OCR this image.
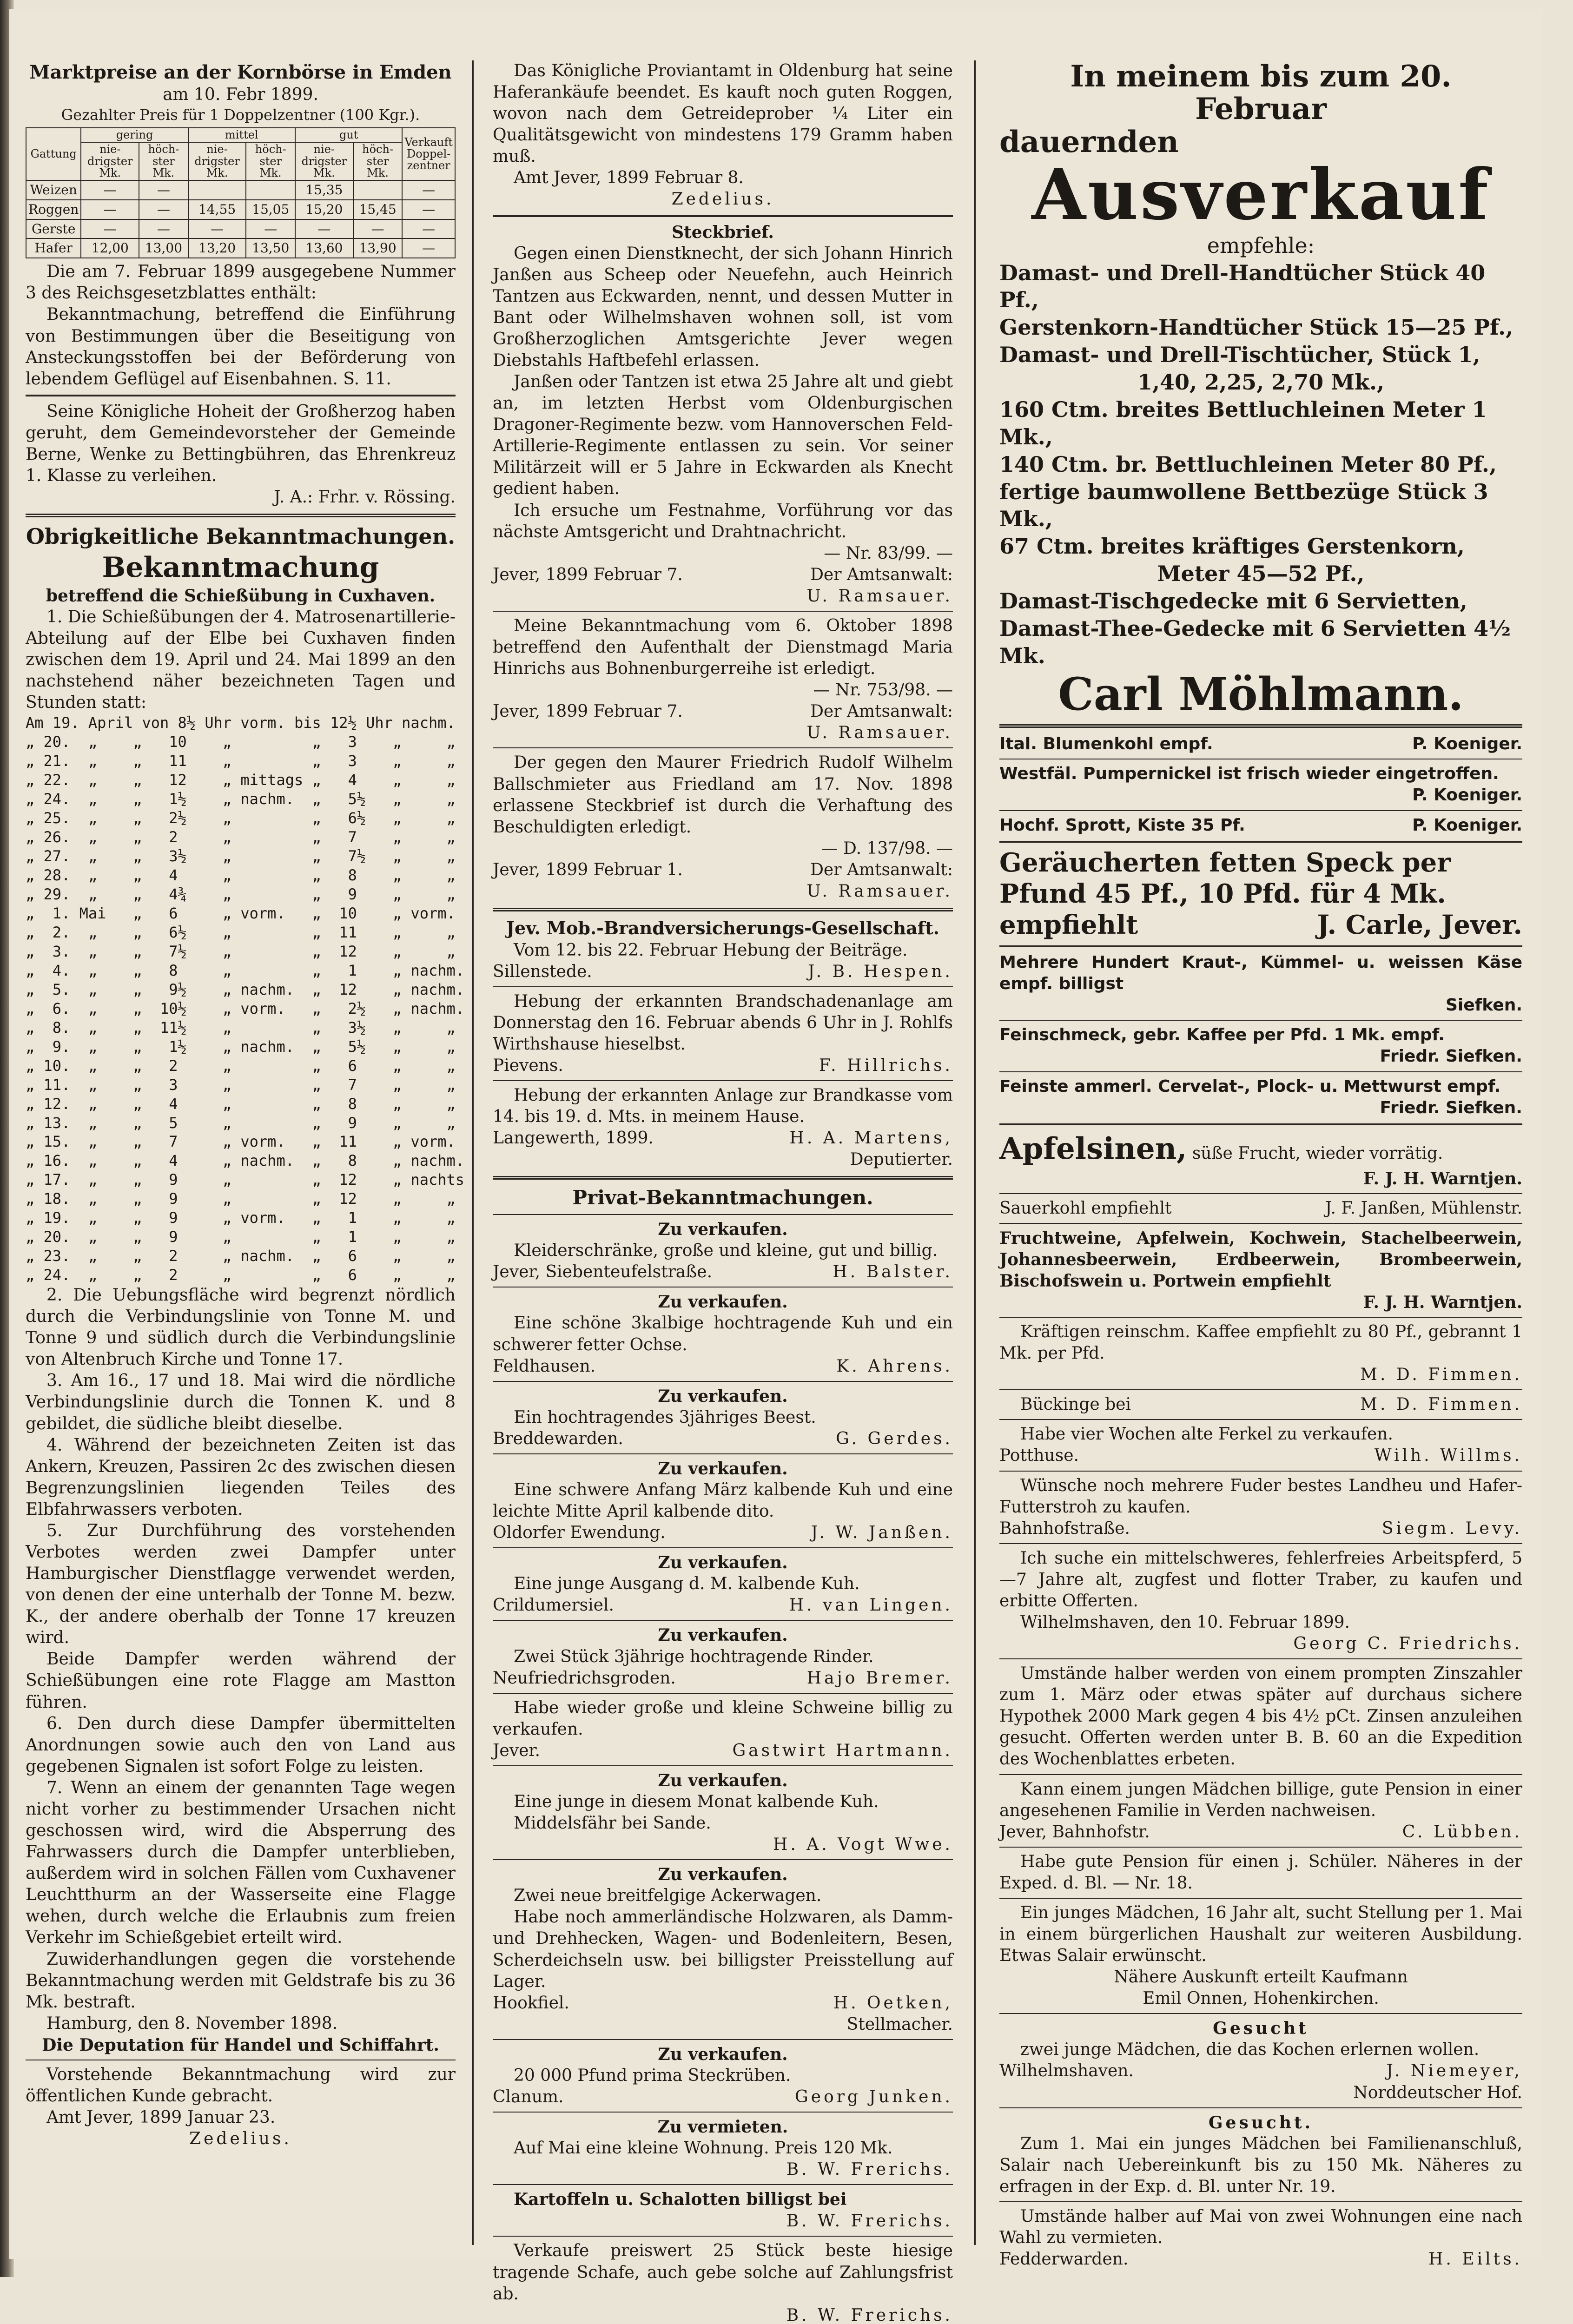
Marktpreise an der Kornbörse in Emden

am 10. Febr 1899.

Gezahlter Preis für 1 Doppelzentner (100 Kgr.).

Gattung	gering		mittel		gut		Verkauft Doppel-zentner
	nie-drigster Mk.	höch-ster Mk.	nie-drigster Mk.	höch-ster Mk.	nie-drigster Mk.	höch-ster Mk.	
Weizen	—	—			15,35		—
Roggen	—	—	14,55	15,05	15,20	15,45	—
Gerste	—	—	—	—	—	—	—
Hafer	12,00	13,00	13,20	13,50	13,60	13,90	—

Die am 7. Februar 1899 ausgegebene Nummer 3 des Reichsgesetzblattes enthält:

Bekanntmachung, betreffend die Einführung von Bestimmungen über die Beseitigung von Ansteckungsstoffen bei der Beförderung von lebendem Geflügel auf Eisenbahnen. S. 11.

Seine Königliche Hoheit der Großherzog haben geruht, dem Gemeindevorsteher der Gemeinde Berne, Wenke zu Bettingbühren, das Ehrenkreuz 1. Klasse zu verleihen.

J. A.: Frhr. v. Rössing.

Obrigkeitliche Bekanntmachungen.

Bekanntmachung

betreffend die Schießübung in Cuxhaven.

1. Die Schießübungen der 4. Matrosenartillerie-Abteilung auf der Elbe bei Cuxhaven finden zwischen dem 19. April und 24. Mai 1899 an den nachstehend näher bezeichneten Tagen und Stunden statt:

Am 19. April von 8½ Uhr vorm. bis 12½ Uhr nachm.

„ 20.  „    „   10    „         „   3    „     „

„ 21.  „    „   11    „         „   3    „     „

„ 22.  „    „   12    „ mittags „   4    „     „

„ 24.  „    „   1½    „ nachm.  „   5½   „     „

„ 25.  „    „   2½    „         „   6½   „     „

„ 26.  „    „   2     „         „   7    „     „

„ 27.  „    „   3½    „         „   7½   „     „

„ 28.  „    „   4     „         „   8    „     „

„ 29.  „    „   4¾    „         „   9    „     „

„  1. Mai   „   6     „ vorm.   „  10    „ vorm.

„  2.  „    „   6½    „         „  11    „     „

„  3.  „    „   7½    „         „  12    „     „

„  4.  „    „   8     „         „   1    „ nachm.

„  5.  „    „   9½    „ nachm.  „  12    „ nachm.

„  6.  „    „  10½    „ vorm.   „   2½   „ nachm.

„  8.  „    „  11½    „         „   3½   „     „

„  9.  „    „   1½    „ nachm.  „   5½   „     „

„ 10.  „    „   2     „         „   6    „     „

„ 11.  „    „   3     „         „   7    „     „

„ 12.  „    „   4     „         „   8    „     „

„ 13.  „    „   5     „         „   9    „     „

„ 15.  „    „   7     „ vorm.   „  11    „ vorm.

„ 16.  „    „   4     „ nachm.  „   8    „ nachm.

„ 17.  „    „   9     „         „  12    „ nachts

„ 18.  „    „   9     „         „  12    „     „

„ 19.  „    „   9     „ vorm.   „   1    „     „

„ 20.  „    „   9     „         „   1    „     „

„ 23.  „    „   2     „ nachm.  „   6    „     „

„ 24.  „    „   2     „         „   6    „     „

2. Die Uebungsfläche wird begrenzt nördlich durch die Verbindungslinie von Tonne M. und Tonne 9 und südlich durch die Verbindungslinie von Altenbruch Kirche und Tonne 17.

3. Am 16., 17 und 18. Mai wird die nördliche Verbindungslinie durch die Tonnen K. und 8 gebildet, die südliche bleibt dieselbe.

4. Während der bezeichneten Zeiten ist das Ankern, Kreuzen, Passiren 2c des zwischen diesen Begrenzungslinien liegenden Teiles des Elbfahrwassers verboten.

5. Zur Durchführung des vorstehenden Verbotes werden zwei Dampfer unter Hamburgischer Dienstflagge verwendet werden, von denen der eine unterhalb der Tonne M. bezw. K., der andere oberhalb der Tonne 17 kreuzen wird.

Beide Dampfer werden während der Schießübungen eine rote Flagge am Mastton führen.

6. Den durch diese Dampfer übermittelten Anordnungen sowie auch den von Land aus gegebenen Signalen ist sofort Folge zu leisten.

7. Wenn an einem der genannten Tage wegen nicht vorher zu bestimmender Ursachen nicht geschossen wird, wird die Absperrung des Fahrwassers durch die Dampfer unterblieben, außerdem wird in solchen Fällen vom Cuxhavener Leuchtthurm an der Wasserseite eine Flagge wehen, durch welche die Erlaubnis zum freien Verkehr im Schießgebiet erteilt wird.

Zuwiderhandlungen gegen die vorstehende Bekanntmachung werden mit Geldstrafe bis zu 36 Mk. bestraft.

Hamburg, den 8. November 1898.

Die Deputation für Handel und Schiffahrt.

Vorstehende Bekanntmachung wird zur öffentlichen Kunde gebracht.

Amt Jever, 1899 Januar 23.

Zedelius.

Das Königliche Proviantamt in Oldenburg hat seine Haferankäufe beendet. Es kauft noch guten Roggen, wovon nach dem Getreideprober ¼ Liter ein Qualitätsgewicht von mindestens 179 Gramm haben muß.

Amt Jever, 1899 Februar 8.

Zedelius.

Steckbrief.

Gegen einen Dienstknecht, der sich Johann Hinrich Janßen aus Scheep oder Neuefehn, auch Heinrich Tantzen aus Eckwarden, nennt, und dessen Mutter in Bant oder Wilhelmshaven wohnen soll, ist vom Großherzoglichen Amtsgerichte Jever wegen Diebstahls Haftbefehl erlassen.

Janßen oder Tantzen ist etwa 25 Jahre alt und giebt an, im letzten Herbst vom Oldenburgischen Dragoner-Regimente bezw. vom Hannoverschen Feld-Artillerie-Regimente entlassen zu sein. Vor seiner Militärzeit will er 5 Jahre in Eckwarden als Knecht gedient haben.

Ich ersuche um Festnahme, Vorführung vor das nächste Amtsgericht und Drahtnachricht.

— Nr. 83/99. —

Jever, 1899 Februar 7.	Der Amtsanwalt:

U. Ramsauer.

Meine Bekanntmachung vom 6. Oktober 1898 betreffend den Aufenthalt der Dienstmagd Maria Hinrichs aus Bohnenburgerreihe ist erledigt.

— Nr. 753/98. —

Jever, 1899 Februar 7.	Der Amtsanwalt:

U. Ramsauer.

Der gegen den Maurer Friedrich Rudolf Wilhelm Ballschmieter aus Friedland am 17. Nov. 1898 erlassene Steckbrief ist durch die Verhaftung des Beschuldigten erledigt.

— D. 137/98. —

Jever, 1899 Februar 1.	Der Amtsanwalt:

U. Ramsauer.

Jev. Mob.-Brandversicherungs-Gesellschaft.

Vom 12. bis 22. Februar Hebung der Beiträge.

Sillenstede.	J. B. Hespen.

Hebung der erkannten Brandschadenanlage am Donnerstag den 16. Februar abends 6 Uhr in J. Rohlfs Wirthshause hieselbst.

Pievens.	F. Hillrichs.

Hebung der erkannten Anlage zur Brandkasse vom 14. bis 19. d. Mts. in meinem Hause.

Langewerth, 1899.	H. A. Martens,

Deputierter.

Privat-Bekanntmachungen.

Zu verkaufen.

Kleiderschränke, große und kleine, gut und billig.

Jever, Siebenteufelstraße.	H. Balster.

Zu verkaufen.

Eine schöne 3kalbige hochtragende Kuh und ein schwerer fetter Ochse.

Feldhausen.	K. Ahrens.

Zu verkaufen.

Ein hochtragendes 3jähriges Beest.

Breddewarden.	G. Gerdes.

Zu verkaufen.

Eine schwere Anfang März kalbende Kuh und eine leichte Mitte April kalbende dito.

Oldorfer Ewendung.	J. W. Janßen.

Zu verkaufen.

Eine junge Ausgang d. M. kalbende Kuh.

Crildumersiel.	H. van Lingen.

Zu verkaufen.

Zwei Stück 3jährige hochtragende Rinder.

Neufriedrichsgroden.	Hajo Bremer.

Habe wieder große und kleine Schweine billig zu verkaufen.

Jever.	Gastwirt Hartmann.

Zu verkaufen.

Eine junge in diesem Monat kalbende Kuh.

Middelsfähr bei Sande.

H. A. Vogt Wwe.

Zu verkaufen.

Zwei neue breitfelgige Ackerwagen.

Habe noch ammerländische Holzwaren, als Damm- und Drehhecken, Wagen- und Bodenleitern, Besen, Scherdeichseln usw. bei billigster Preisstellung auf Lager.

Hookfiel.	H. Oetken,

Stellmacher.

Zu verkaufen.

20 000 Pfund prima Steckrüben.

Clanum.	Georg Junken.

Zu vermieten.

Auf Mai eine kleine Wohnung. Preis 120 Mk.

B. W. Frerichs.

Kartoffeln u. Schalotten billigst bei

B. W. Frerichs.

Verkaufe preiswert 25 Stück beste hiesige tragende Schafe, auch gebe solche auf Zahlungsfrist ab.

B. W. Frerichs.

In meinem bis zum 20. Februar

dauernden

Ausverkauf

empfehle:

Damast- und Drell-Handtücher Stück 40 Pf.,

Gerstenkorn-Handtücher Stück 15—25 Pf.,

Damast- und Drell-Tischtücher, Stück 1,

1,40, 2,25, 2,70 Mk.,

160 Ctm. breites Bettluchleinen Meter 1 Mk.,

140 Ctm. br. Bettluchleinen Meter 80 Pf.,

fertige baumwollene Bettbezüge Stück 3 Mk.,

67 Ctm. breites kräftiges Gerstenkorn,

Meter 45—52 Pf.,

Damast-Tischgedecke mit 6 Servietten,

Damast-Thee-Gedecke mit 6 Servietten 4½ Mk.

Carl Möhlmann.

Ital. Blumenkohl empf.	P. Koeniger.

Westfäl. Pumpernickel ist frisch wieder eingetroffen.

P. Koeniger.

Hochf. Sprott, Kiste 35 Pf.	P. Koeniger.

Geräucherten fetten Speck per

Pfund 45 Pf., 10 Pfd. für 4 Mk.

empfiehlt	J. Carle, Jever.

Mehrere Hundert Kraut-, Kümmel- u. weissen Käse empf. billigst

Siefken.

Feinschmeck, gebr. Kaffee per Pfd. 1 Mk. empf.

Friedr. Siefken.

Feinste ammerl. Cervelat-, Plock- u. Mettwurst empf.

Friedr. Siefken.

Apfelsinen, süße Frucht, wieder vorrätig.

F. J. H. Warntjen.

Sauerkohl empfiehlt	J. F. Janßen, Mühlenstr.

Fruchtweine, Apfelwein, Kochwein, Stachelbeerwein, Johannesbeerwein, Erdbeerwein, Brombeerwein, Bischofswein u. Portwein empfiehlt

F. J. H. Warntjen.

Kräftigen reinschm. Kaffee empfiehlt zu 80 Pf., gebrannt 1 Mk. per Pfd.

M. D. Fimmen.

Bückinge bei	M. D. Fimmen.

Habe vier Wochen alte Ferkel zu verkaufen.

Potthuse.	Wilh. Willms.

Wünsche noch mehrere Fuder bestes Landheu und Hafer-Futterstroh zu kaufen.

Bahnhofstraße.	Siegm. Levy.

Ich suche ein mittelschweres, fehlerfreies Arbeitspferd, 5—7 Jahre alt, zugfest und flotter Traber, zu kaufen und erbitte Offerten.

Wilhelmshaven, den 10. Februar 1899.

Georg C. Friedrichs.

Umstände halber werden von einem prompten Zinszahler zum 1. März oder etwas später auf durchaus sichere Hypothek 2000 Mark gegen 4 bis 4½ pCt. Zinsen anzuleihen gesucht. Offerten werden unter B. B. 60 an die Expedition des Wochenblattes erbeten.

Kann einem jungen Mädchen billige, gute Pension in einer angesehenen Familie in Verden nachweisen.

Jever, Bahnhofstr.	C. Lübben.

Habe gute Pension für einen j. Schüler. Näheres in der Exped. d. Bl. — Nr. 18.

Ein junges Mädchen, 16 Jahr alt, sucht Stellung per 1. Mai in einem bürgerlichen Haushalt zur weiteren Ausbildung. Etwas Salair erwünscht.

Nähere Auskunft erteilt Kaufmann

Emil Onnen, Hohenkirchen.

Gesucht

zwei junge Mädchen, die das Kochen erlernen wollen.

Wilhelmshaven.	J. Niemeyer,

Norddeutscher Hof.

Gesucht.

Zum 1. Mai ein junges Mädchen bei Familienanschluß, Salair nach Uebereinkunft bis zu 150 Mk. Näheres zu erfragen in der Exp. d. Bl. unter Nr. 19.

Umstände halber auf Mai von zwei Wohnungen eine nach Wahl zu vermieten.

Fedderwarden.	H. Eilts.
